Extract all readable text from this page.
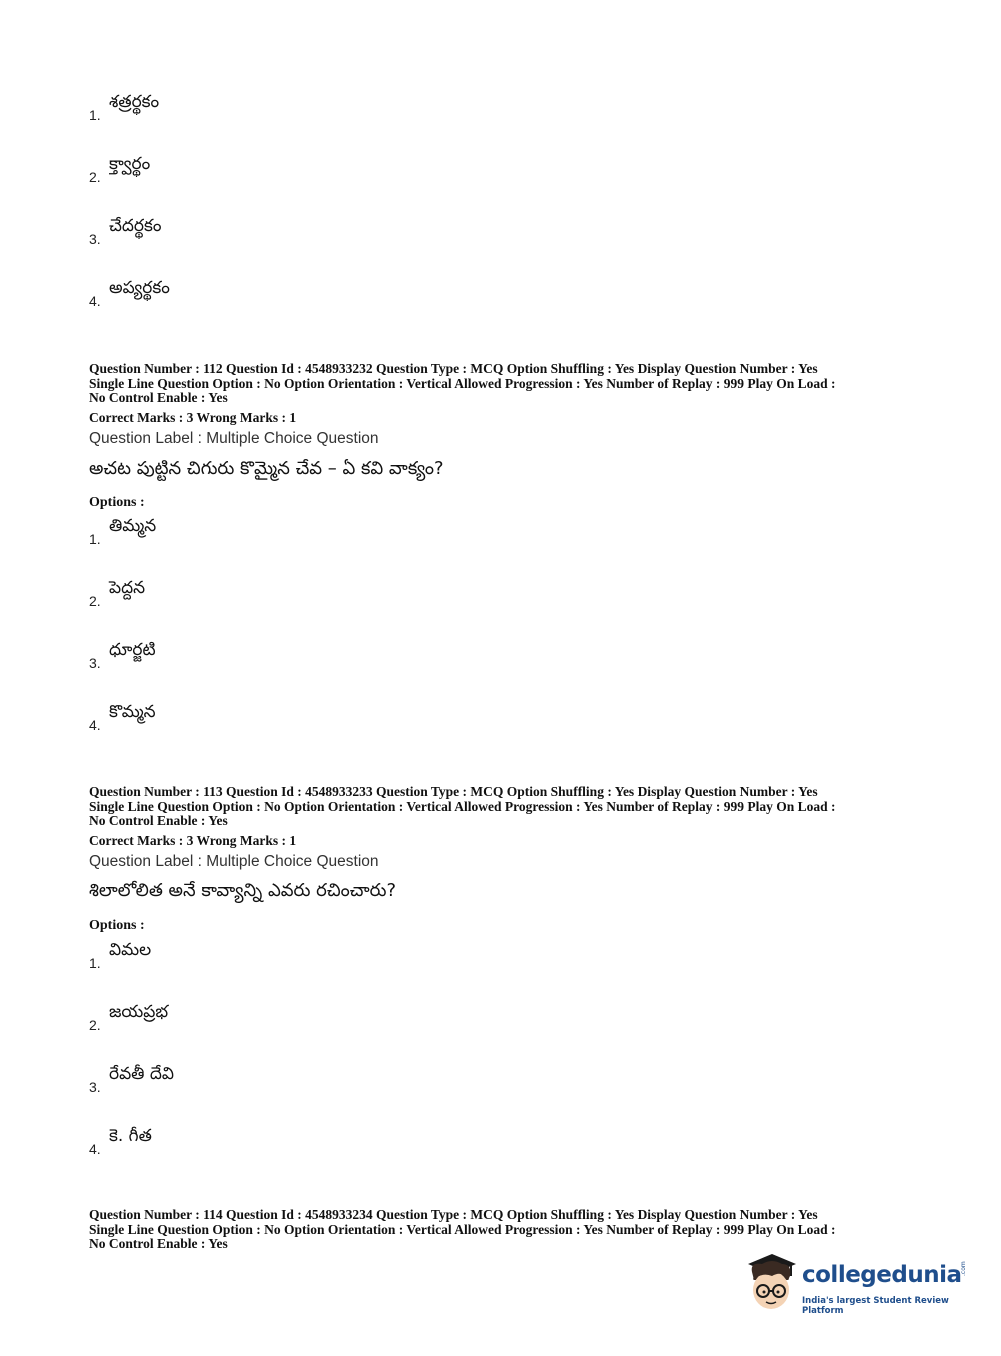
1.
శత్రర్థకం
2.
క్త్వార్థం
3.
చేదర్థకం
4.
అప్యర్థకం

Question Number : 112 Question Id : 4548933232 Question Type : MCQ Option Shuffling : Yes Display Question Number : Yes

Single Line Question Option : No Option Orientation : Vertical Allowed Progression : Yes Number of Replay : 999 Play On Load :

No Control Enable : Yes

Correct Marks : 3 Wrong Marks : 1
Question Label : Multiple Choice Question
అచట పుట్టిన చిగురు కొమ్మైన చేవ – ఏ కవి వాక్యం?
Options :
1.
తిమ్మన
2.
పెద్దన
3.
ధూర్జటి
4.
కొమ్మన

Question Number : 113 Question Id : 4548933233 Question Type : MCQ Option Shuffling : Yes Display Question Number : Yes

Single Line Question Option : No Option Orientation : Vertical Allowed Progression : Yes Number of Replay : 999 Play On Load :

No Control Enable : Yes

Correct Marks : 3 Wrong Marks : 1
Question Label : Multiple Choice Question
శిలాలోలిత అనే కావ్యాన్ని ఎవరు రచించారు?
Options :
1.
విమల
2.
జయప్రభ
3.
రేవతీ దేవి
4.
కె. గీత

Question Number : 114 Question Id : 4548933234 Question Type : MCQ Option Shuffling : Yes Display Question Number : Yes

Single Line Question Option : No Option Orientation : Vertical Allowed Progression : Yes Number of Replay : 999 Play On Load :

No Control Enable : Yes

collegedunia
.com
India's largest Student Review Platform
